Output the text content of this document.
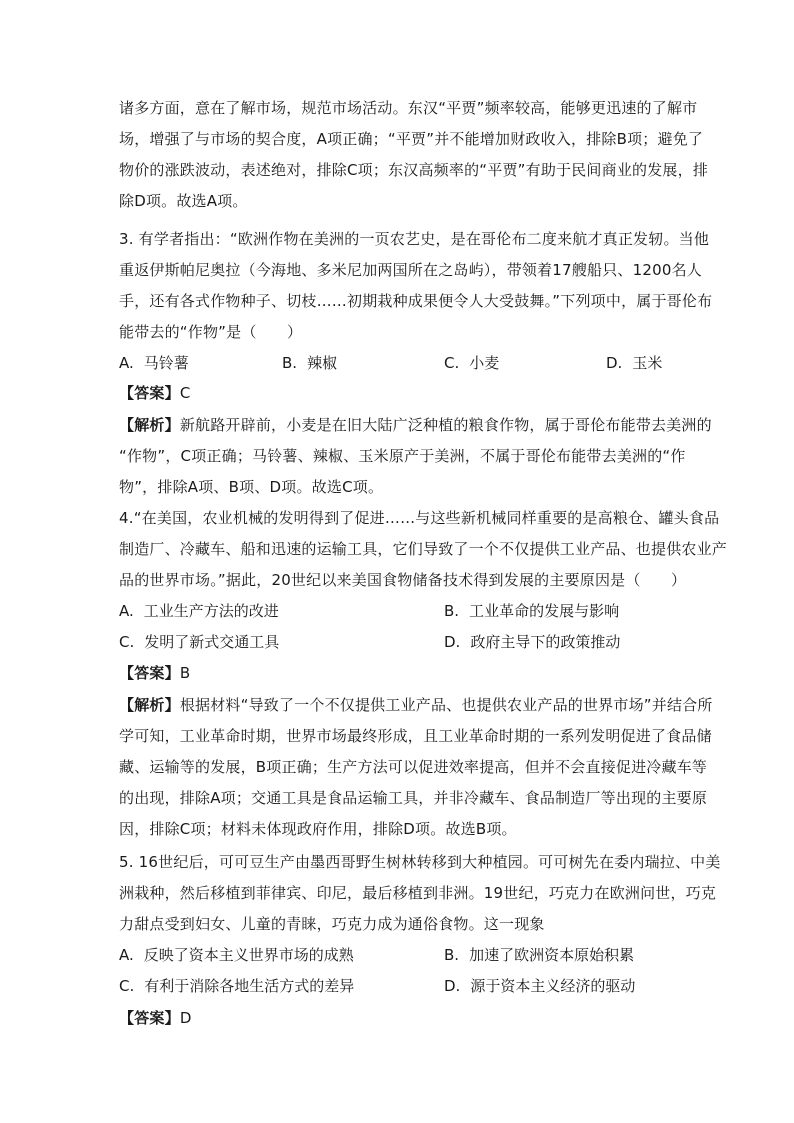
诸多方面，意在了解市场，规范市场活动。东汉“平贾”频率较高，能够更迅速的了解市
场，增强了与市场的契合度，A项正确；“平贾”并不能增加财政收入，排除B项；避免了
物价的涨跌波动，表述绝对，排除C项；东汉高频率的“平贾”有助于民间商业的发展，排
除D项。故选A项。
3. 有学者指出：“欧洲作物在美洲的一页农艺史，是在哥伦布二度来航才真正发轫。当他
重返伊斯帕尼奥拉（今海地、多米尼加两国所在之岛屿），带领着17艘船只、1200名人
手，还有各式作物种子、切枝……初期栽种成果便令人大受鼓舞。”下列项中，属于哥伦布
能带去的“作物”是（　　）
A. 马铃薯	B. 辣椒	C. 小麦	D. 玉米
【答案】C
【解析】新航路开辟前，小麦是在旧大陆广泛种植的粮食作物，属于哥伦布能带去美洲的
“作物”，C项正确；马铃薯、辣椒、玉米原产于美洲，不属于哥伦布能带去美洲的“作
物”，排除A项、B项、D项。故选C项。
4.“在美国，农业机械的发明得到了促进……与这些新机械同样重要的是高粮仓、罐头食品
制造厂、冷藏车、船和迅速的运输工具，它们导致了一个不仅提供工业产品、也提供农业产
品的世界市场。”据此，20世纪以来美国食物储备技术得到发展的主要原因是（　　）
A. 工业生产方法的改进	B. 工业革命的发展与影响
C. 发明了新式交通工具	D. 政府主导下的政策推动
【答案】B
【解析】根据材料“导致了一个不仅提供工业产品、也提供农业产品的世界市场”并结合所
学可知，工业革命时期，世界市场最终形成，且工业革命时期的一系列发明促进了食品储
藏、运输等的发展，B项正确；生产方法可以促进效率提高，但并不会直接促进冷藏车等
的出现，排除A项；交通工具是食品运输工具，并非冷藏车、食品制造厂等出现的主要原
因，排除C项；材料未体现政府作用，排除D项。故选B项。
5. 16世纪后，可可豆生产由墨西哥野生树林转移到大种植园。可可树先在委内瑞拉、中美
洲栽种，然后移植到菲律宾、印尼，最后移植到非洲。19世纪，巧克力在欧洲问世，巧克
力甜点受到妇女、儿童的青睐，巧克力成为通俗食物。这一现象
A. 反映了资本主义世界市场的成熟	B. 加速了欧洲资本原始积累
C. 有利于消除各地生活方式的差异	D. 源于资本主义经济的驱动
【答案】D
